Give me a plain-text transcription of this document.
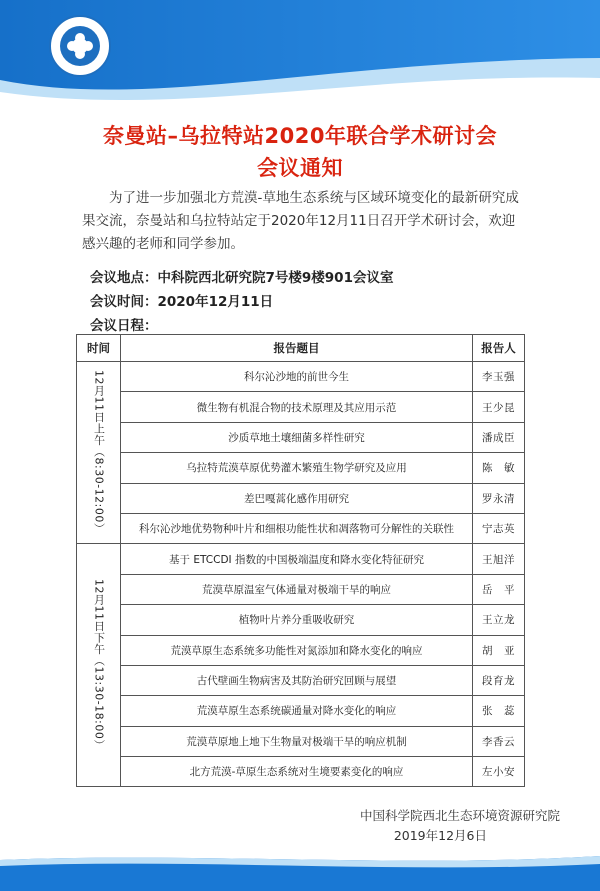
奈曼站–乌拉特站2020年联合学术研讨会
会议通知
为了进一步加强北方荒漠-草地生态系统与区域环境变化的最新研究成果交流，奈曼站和乌拉特站定于2020年12月11日召开学术研讨会，欢迎感兴趣的老师和同学参加。
会议地点：中科院西北研究院7号楼9楼901会议室
会议时间：2020年12月11日
会议日程：
时间	报告题目	报告人

12月11日上午（8:30-12:00）	科尔沁沙地的前世今生	李玉强
	微生物有机混合物的技术原理及其应用示范	王少昆
	沙质草地土壤细菌多样性研究	潘成臣
	乌拉特荒漠草原优势灌木繁殖生物学研究及应用	陈　敏
	差巴嘎蒿化感作用研究	罗永清
	科尔沁沙地优势物种叶片和细根功能性状和凋落物可分解性的关联性	宁志英

12月11日下午（13:30-18:00）	基于 ETCCDI 指数的中国极端温度和降水变化特征研究	王旭洋
	荒漠草原温室气体通量对极端干旱的响应	岳　平
	植物叶片养分重吸收研究	王立龙
	荒漠草原生态系统多功能性对氮添加和降水变化的响应	胡　亚
	古代壁画生物病害及其防治研究回顾与展望	段育龙
	荒漠草原生态系统碳通量对降水变化的响应	张　蕊
	荒漠草原地上地下生物量对极端干旱的响应机制	李香云
	北方荒漠-草原生态系统对生境要素变化的响应	左小安
中国科学院西北生态环境资源研究院
2019年12月6日
